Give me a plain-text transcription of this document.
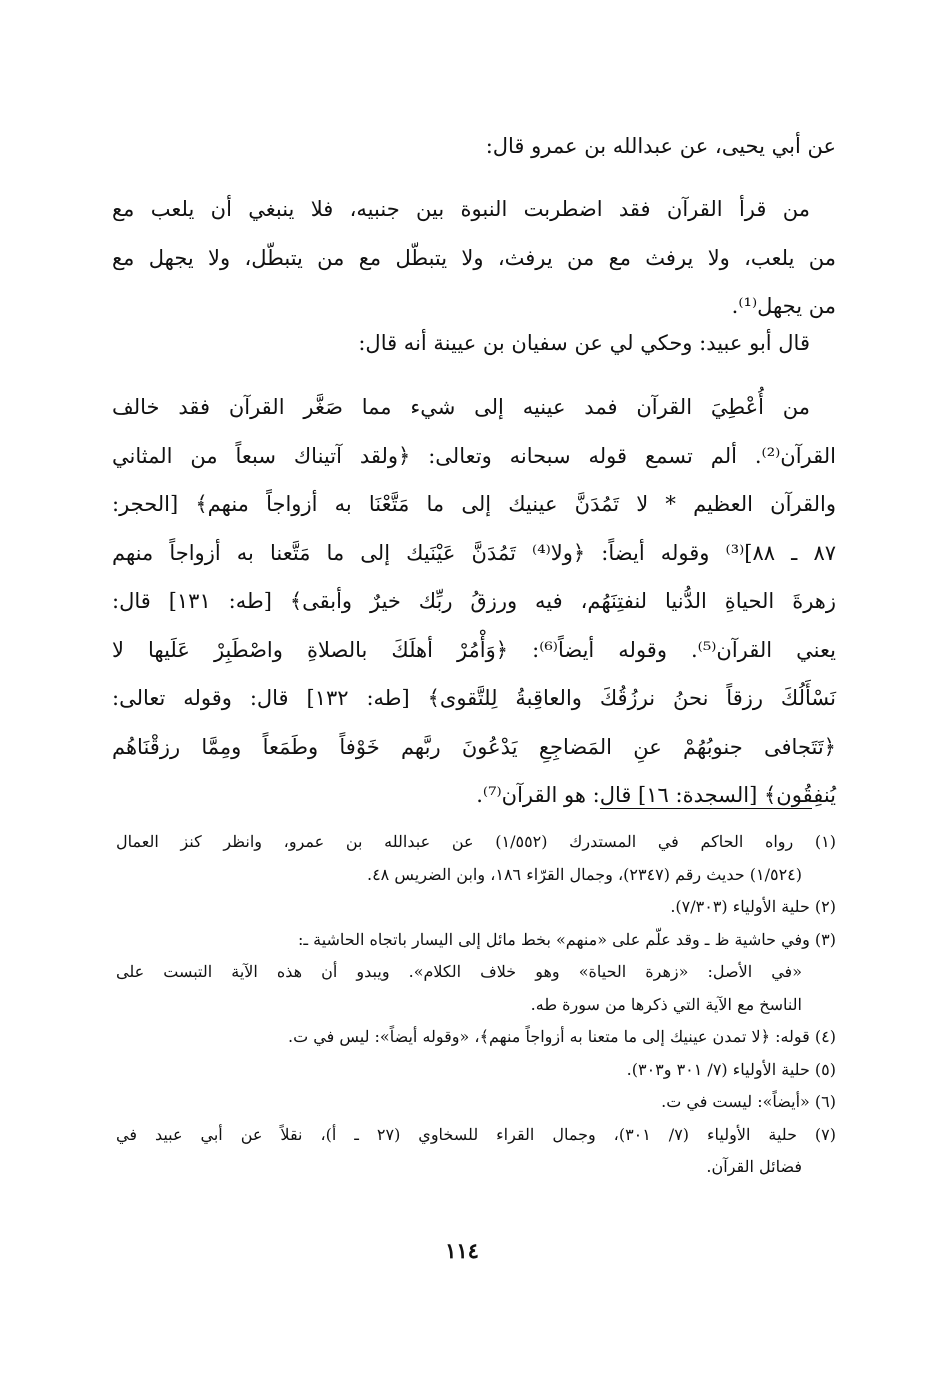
عن أبي يحيى، عن عبدالله بن عمرو قال:
من قرأ القرآن فقد اضطربت النبوة بين جنبيه، فلا ينبغي أن يلعب مع
من يلعب، ولا يرفث مع من يرفث، ولا يتبطّل مع من يتبطّل، ولا يجهل مع
من يجهل⁽¹⁾.
قال أبو عبيد: وحكي لي عن سفيان بن عيينة أنه قال:
من أُعْطِيَ القرآن فمد عينيه إلى شيء مما صَغَّر القرآن فقد خالف
القرآن⁽²⁾. ألم تسمع قوله سبحانه وتعالى: ﴿ولقد آتيناك سبعاً من المثاني
والقرآن العظيم * لا تَمُدَنَّ عينيك إلى ما مَتَّعْنَا به أزواجاً منهم﴾ [الحجر:
٨٧ ـ ٨٨]⁽³⁾ وقوله أيضاً: ﴿ولا⁽⁴⁾ تَمُدَنَّ عَيْنَيك إلى ما مَتَّعنا به أزواجاً منهم
زهرةَ الحياةِ الدُّنيا لنفتِنَهُم، فيه ورزقُ ربِّك خيرٌ وأبقى﴾ [طه: ١٣١] قال:
يعني القرآن⁽⁵⁾. وقوله أيضاً⁽⁶⁾: ﴿وَأْمُرْ أهلَكَ بالصلاةِ واصْطَبِرْ عَلَيها لا
نَسْأَلُكَ رزقاً نحنُ نرزُقُكَ والعاقِبةُ لِلتَّقوى﴾ [طه: ١٣٢] قال: وقوله تعالى:
﴿تَتَجافى جنوبُهُمْ عنِ المَضاجِعِ يَدْعُونَ ربَّهم خَوْفاً وطَمَعاً ومِمَّا رزقْنَاهُم
يُنفِقُون﴾ [السجدة: ١٦] قال: هو القرآن⁽⁷⁾.
(١) رواه الحاكم في المستدرك (١/٥٥٢) عن عبدالله بن عمرو، وانظر كنز العمال
(١/٥٢٤) حديث رقم (٢٣٤٧)، وجمال القرّاء ١٨٦، وابن الضريس ٤٨.
(٢) حلية الأولياء (٧/٣٠٣).
(٣) وفي حاشية ظ ـ وقد علّم على «منهم» بخط مائل إلى اليسار باتجاه الحاشية ـ:
«في الأصل: «زهرة الحياة» وهو خلاف الكلام». ويبدو أن هذه الآية التبست على
الناسخ مع الآية التي ذكرها من سورة طه.
(٤) قوله: ﴿لا تمدن عينيك إلى ما متعنا به أزواجاً منهم﴾، «وقوله أيضاً»: ليس في ت.
(٥) حلية الأولياء (٧/ ٣٠١ و٣٠٣).
(٦) «أيضاً»: ليست في ت.
(٧) حلية الأولياء (٧/ ٣٠١)، وجمال القراء للسخاوي (٢٧ ـ أ)، نقلاً عن أبي عبيد في
فضائل القرآن.
١١٤
